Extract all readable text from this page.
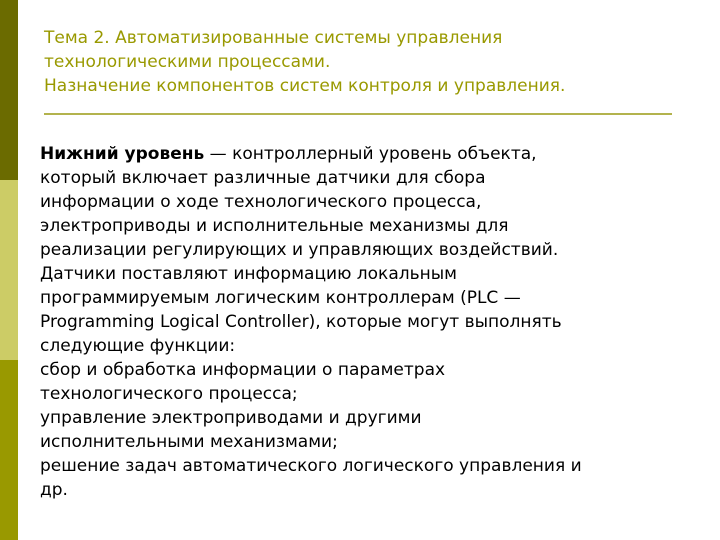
Тема 2. Автоматизированные системы управления
технологическими процессами.
Назначение компонентов систем контроля и управления.
Нижний уровень — контроллерный уровень объекта,
который включает различные датчики для сбора
информации о ходе технологического процесса,
электроприводы и исполнительные механизмы для
реализации регулирующих и управляющих воздействий.
Датчики поставляют информацию локальным
программируемым логическим контроллерам (PLC —
Programming Logical Controller), которые могут выполнять
следующие функции:
сбор и обработка информации о параметрах
технологического процесса;
управление электроприводами и другими
исполнительными механизмами;
решение задач автоматического логического управления и
др.
